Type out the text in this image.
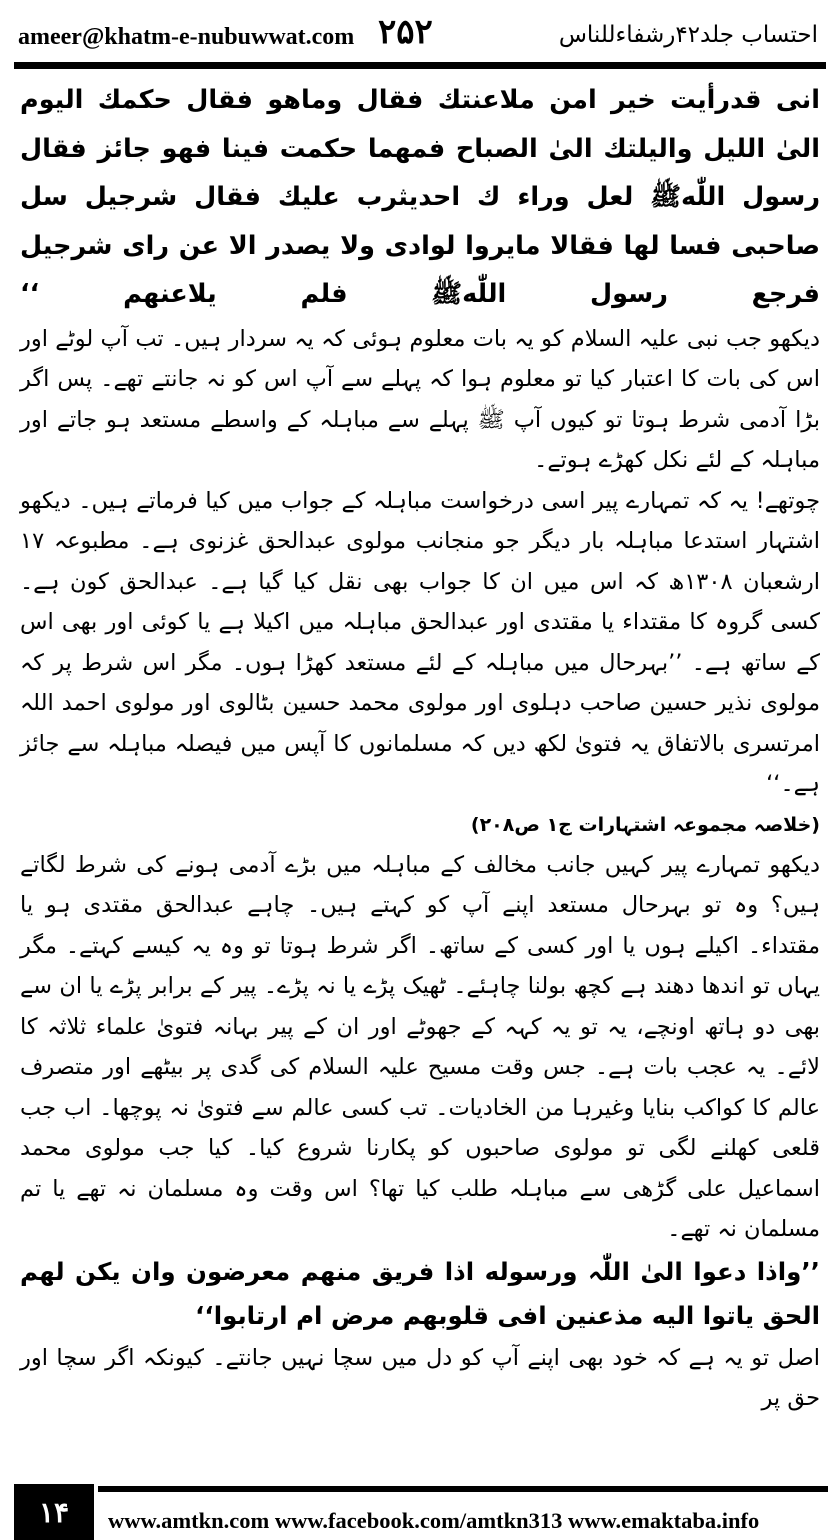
ameer@khatm-e-nubuwwat.com ۲۵۲	احتساب جلد۴۲رشفاءللناس

انی قدرأیت خیر امن ملاعنتك فقال وماهو فقال حکمك الیوم الیٰ اللیل والیلتك الیٰ الصباح فمهما حکمت فینا فهو جائز فقال رسول اللّٰهﷺ لعل وراء ك احدیثرب علیك فقال شرجیل سل صاحبی فسا لها فقالا مایروا لوادی ولا یصدر الا عن رای شرجیل فرجع رسول اللّٰهﷺ فلم یلاعنهم ‘‘

دیکھو جب نبی علیہ السلام کو یہ بات معلوم ہوئی کہ یہ سردار ہیں۔ تب آپ لوٹے اور اس کی بات کا اعتبار کیا تو معلوم ہوا کہ پہلے سے آپ اس کو نہ جانتے تھے۔ پس اگر بڑا آدمی شرط ہوتا تو کیوں آپ ﷺ پہلے سے مباہلہ کے واسطے مستعد ہو جاتے اور مباہلہ کے لئے نکل کھڑے ہوتے۔

چوتھے! یہ کہ تمہارے پیر اسی درخواست مباہلہ کے جواب میں کیا فرماتے ہیں۔ دیکھو اشتہار استدعا مباہلہ بار دیگر جو منجانب مولوی عبدالحق غزنوی ہے۔ مطبوعہ ۱۷ ارشعبان ۱۳۰۸ھ کہ اس میں ان کا جواب بھی نقل کیا گیا ہے۔ عبدالحق کون ہے۔ کسی گروہ کا مقتداء یا مقتدی اور عبدالحق مباہلہ میں اکیلا ہے یا کوئی اور بھی اس کے ساتھ ہے۔ ’’بہرحال میں مباہلہ کے لئے مستعد کھڑا ہوں۔ مگر اس شرط پر کہ مولوی نذیر حسین صاحب دہلوی اور مولوی محمد حسین بٹالوی اور مولوی احمد اللہ امرتسری بالاتفاق یہ فتویٰ لکھ دیں کہ مسلمانوں کا آپس میں فیصلہ مباہلہ سے جائز ہے۔‘‘

(خلاصہ مجموعہ اشتہارات ج۱ ص۲۰۸)

دیکھو تمہارے پیر کہیں جانب مخالف کے مباہلہ میں بڑے آدمی ہونے کی شرط لگاتے ہیں؟ وہ تو بہرحال مستعد اپنے آپ کو کہتے ہیں۔ چاہے عبدالحق مقتدی ہو یا مقتداء۔ اکیلے ہوں یا اور کسی کے ساتھ۔ اگر شرط ہوتا تو وہ یہ کیسے کہتے۔ مگر یہاں تو اندھا دھند ہے کچھ بولنا چاہئے۔ ٹھیک پڑے یا نہ پڑے۔ پیر کے برابر پڑے یا ان سے بھی دو ہاتھ اونچے، یہ تو یہ کہہ کے جھوٹے اور ان کے پیر بہانہ فتویٰ علماء ثلاثہ کا لائے۔ یہ عجب بات ہے۔ جس وقت مسیح علیہ السلام کی گدی پر بیٹھے اور متصرف عالم کا کواکب بنایا وغیرہا من الخادیات۔ تب کسی عالم سے فتویٰ نہ پوچھا۔ اب جب قلعی کھلنے لگی تو مولوی صاحبوں کو پکارنا شروع کیا۔ کیا جب مولوی محمد اسماعیل علی گڑھی سے مباہلہ طلب کیا تھا؟ اس وقت وہ مسلمان نہ تھے یا تم مسلمان نہ تھے۔

’’واذا دعوا الیٰ اللّٰہ ورسوله اذا فریق منهم معرضون وان یکن لهم الحق یاتوا الیه مذعنین افی قلوبهم مرض ام ارتابوا‘‘

اصل تو یہ ہے کہ خود بھی اپنے آپ کو دل میں سچا نہیں جانتے۔ کیونکہ اگر سچا اور حق پر

۱۴	www.amtkn.com www.facebook.com/amtkn313 www.emaktaba.info
